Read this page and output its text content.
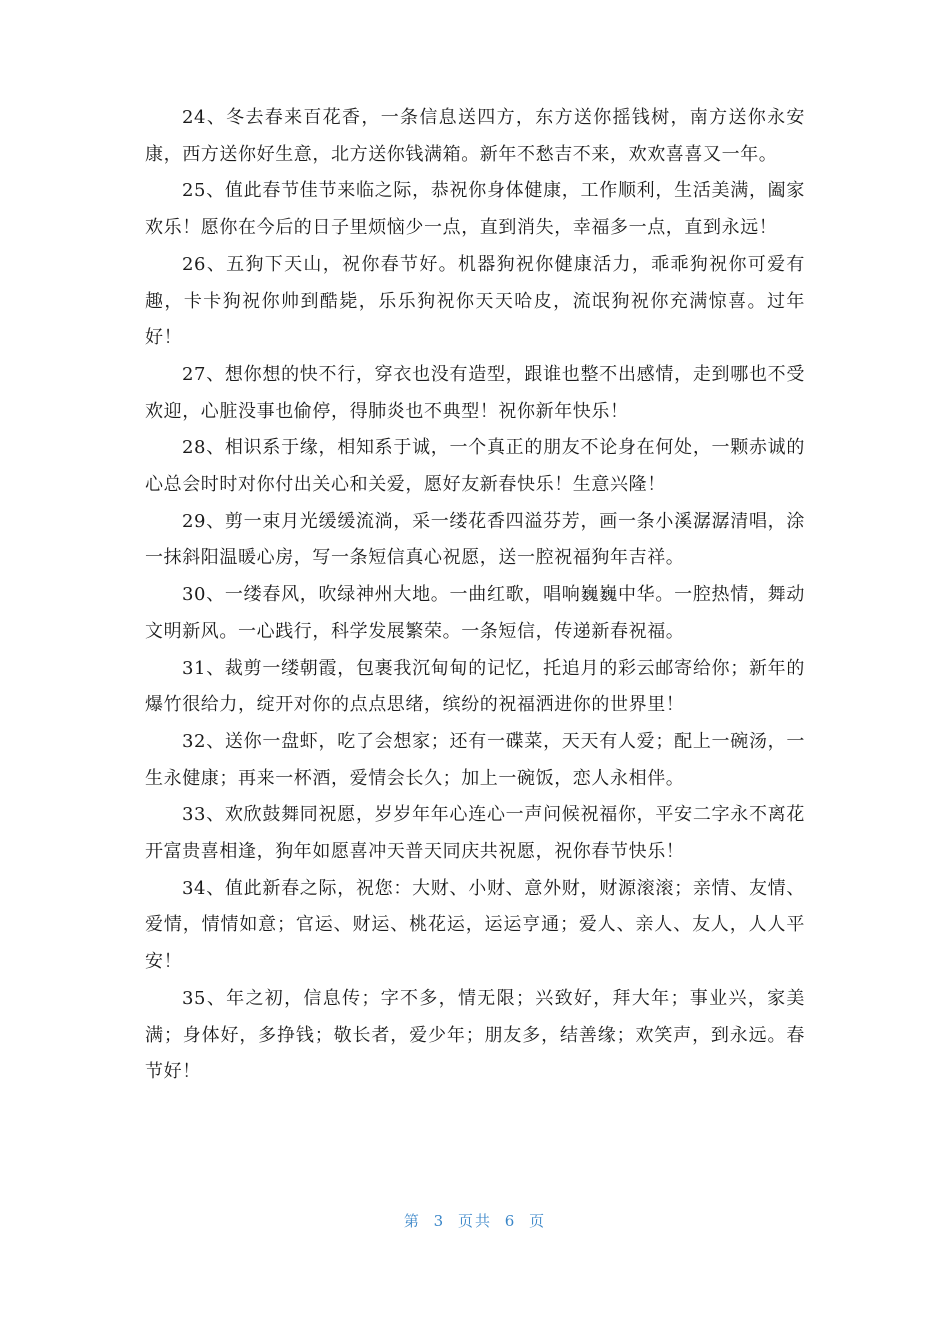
24、冬去春来百花香，一条信息送四方，东方送你摇钱树，南方送你永安康，西方送你好生意，北方送你钱满箱。新年不愁吉不来，欢欢喜喜又一年。

25、值此春节佳节来临之际，恭祝你身体健康，工作顺利，生活美满，阖家欢乐！愿你在今后的日子里烦恼少一点，直到消失，幸福多一点，直到永远！

26、五狗下天山，祝你春节好。机器狗祝你健康活力，乖乖狗祝你可爱有趣，卡卡狗祝你帅到酷毙，乐乐狗祝你天天哈皮，流氓狗祝你充满惊喜。过年好！

27、想你想的快不行，穿衣也没有造型，跟谁也整不出感情，走到哪也不受欢迎，心脏没事也偷停，得肺炎也不典型！祝你新年快乐！

28、相识系于缘，相知系于诚，一个真正的朋友不论身在何处，一颗赤诚的心总会时时对你付出关心和关爱，愿好友新春快乐！生意兴隆！

29、剪一束月光缓缓流淌，采一缕花香四溢芬芳，画一条小溪潺潺清唱，涂一抹斜阳温暖心房，写一条短信真心祝愿，送一腔祝福狗年吉祥。

30、一缕春风，吹绿神州大地。一曲红歌，唱响巍巍中华。一腔热情，舞动文明新风。一心践行，科学发展繁荣。一条短信，传递新春祝福。

31、裁剪一缕朝霞，包裹我沉甸甸的记忆，托追月的彩云邮寄给你；新年的爆竹很给力，绽开对你的点点思绪，缤纷的祝福洒进你的世界里！

32、送你一盘虾，吃了会想家；还有一碟菜，天天有人爱；配上一碗汤，一生永健康；再来一杯酒，爱情会长久；加上一碗饭，恋人永相伴。

33、欢欣鼓舞同祝愿，岁岁年年心连心一声问候祝福你，平安二字永不离花开富贵喜相逢，狗年如愿喜冲天普天同庆共祝愿，祝你春节快乐！

34、值此新春之际，祝您：大财、小财、意外财，财源滚滚；亲情、友情、爱情，情情如意；官运、财运、桃花运，运运亨通；爱人、亲人、友人，人人平安！

35、年之初，信息传；字不多，情无限；兴致好，拜大年；事业兴，家美满；身体好，多挣钱；敬长者，爱少年；朋友多，结善缘；欢笑声，到永远。春节好！

第 3 页共 6 页
